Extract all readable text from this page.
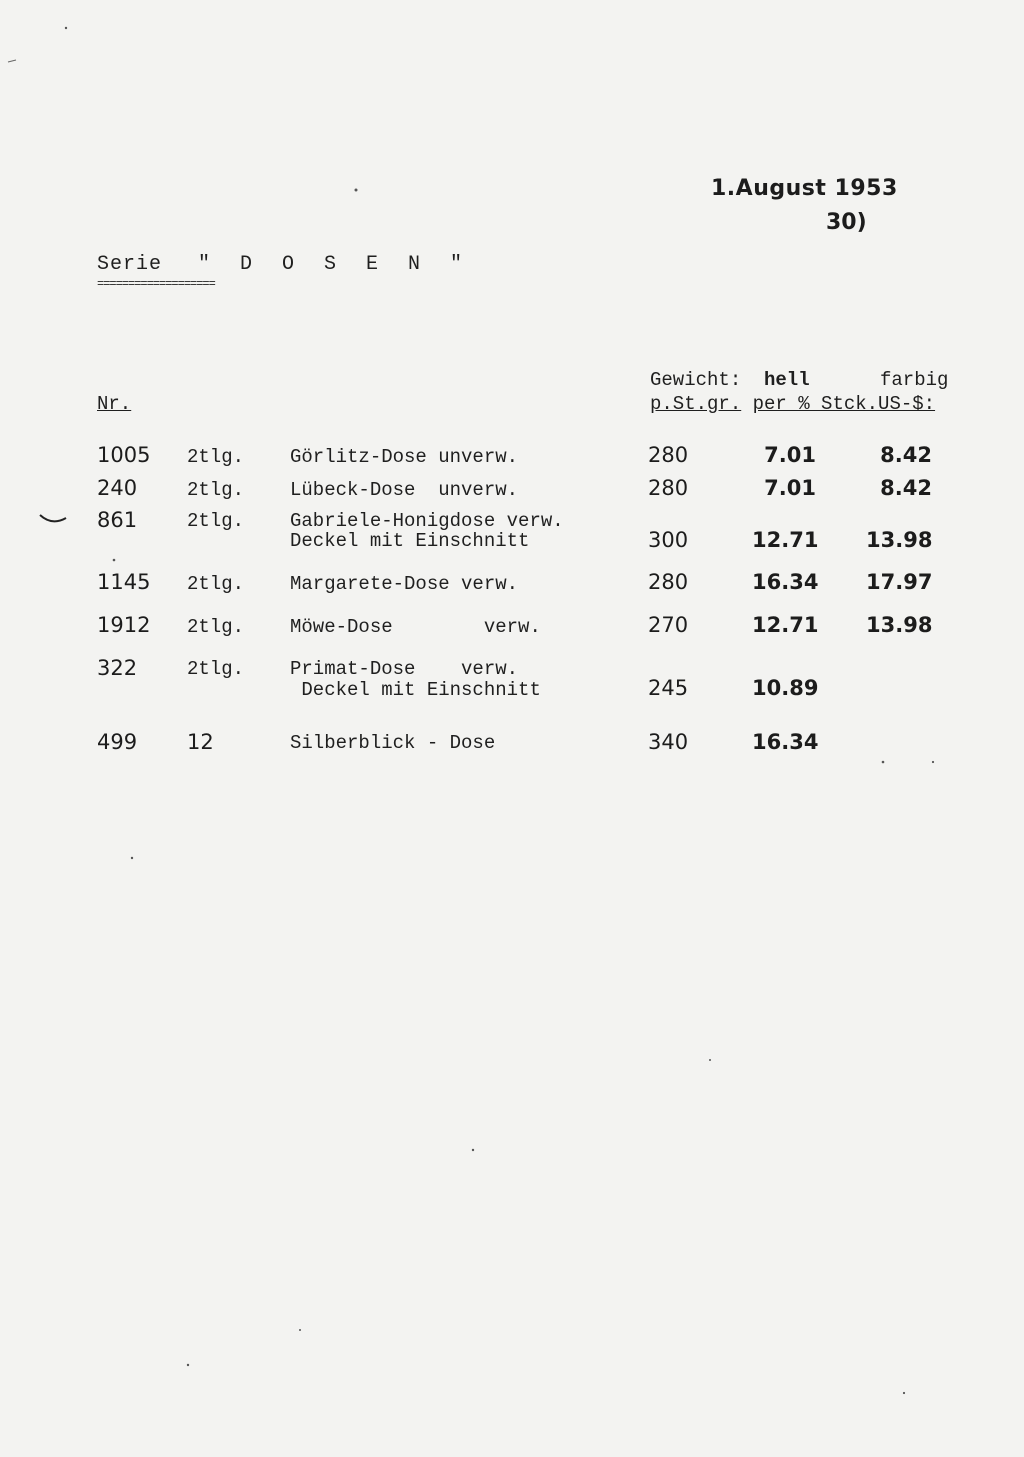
1.August 1953
30)
Serie " D O S E N "
===================
Nr.
Gewicht: hell	farbig
p.St.gr. per % Stck.US-$:
1005 2tlg. Görlitz-Dose unverw.	280	7.01	8.42
240	2tlg. Lübeck-Dose  unverw.	280	7.01	8.42
861	2tlg. Gabriele-Honigdose verw.
Deckel mit Einschnitt	300	12.71 13.98
1145 2tlg. Margarete-Dose verw.	280	16.34 17.97
1912 2tlg. Möwe-Dose        verw.	270	12.71 13.98
322	2tlg. Primat-Dose    verw.
Deckel mit Einschnitt	245	10.89
499 12	Silberblick - Dose	340	16.34
